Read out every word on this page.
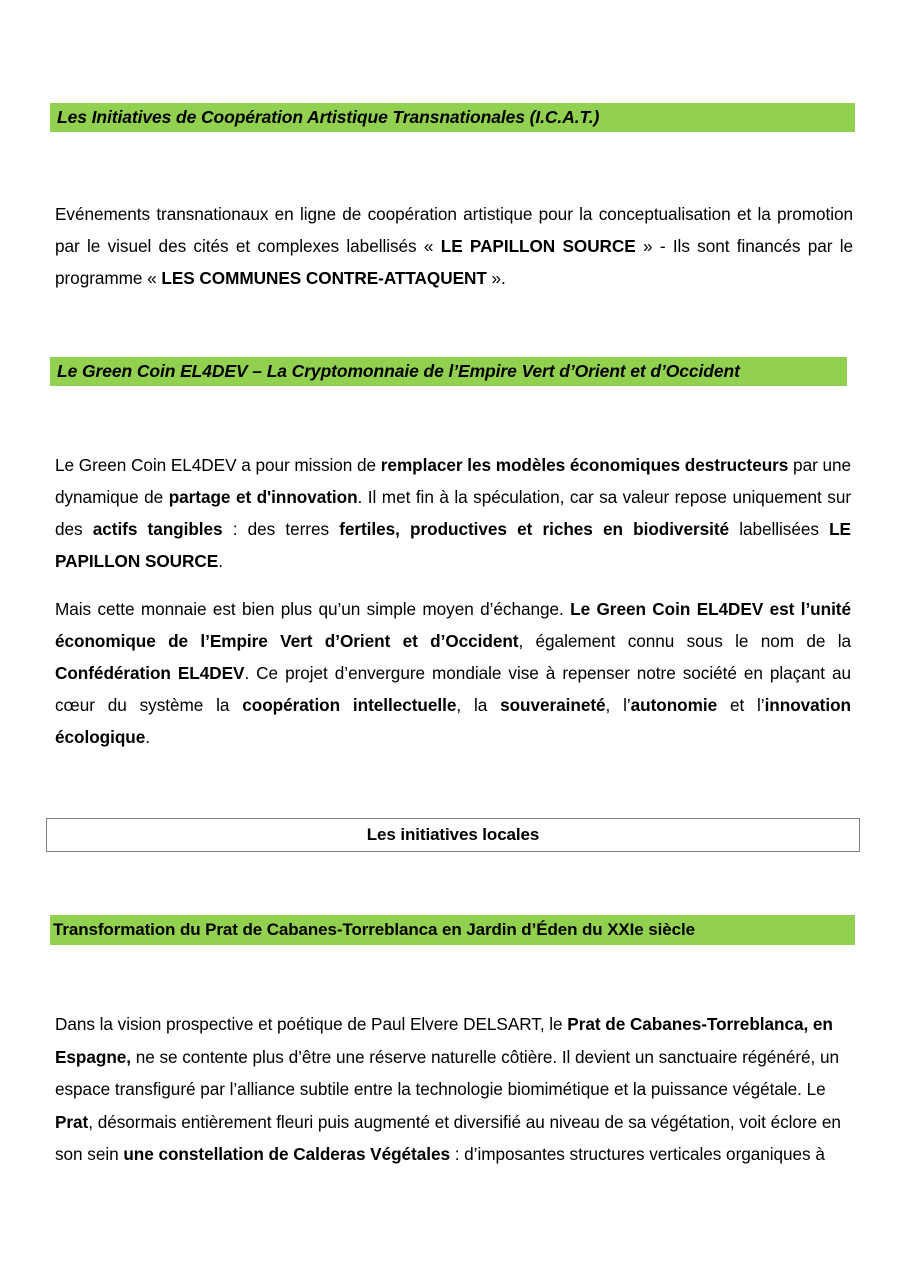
Les Initiatives de Coopération Artistique Transnationales (I.C.A.T.)
Evénements transnationaux en ligne de coopération artistique pour la conceptualisation et la promotion par le visuel des cités et complexes labellisés « LE PAPILLON SOURCE » - Ils sont financés par le programme « LES COMMUNES CONTRE-ATTAQUENT ».
Le Green Coin EL4DEV – La Cryptomonnaie de l’Empire Vert d’Orient et d’Occident
Le Green Coin EL4DEV a pour mission de remplacer les modèles économiques destructeurs par une dynamique de partage et d'innovation. Il met fin à la spéculation, car sa valeur repose uniquement sur des actifs tangibles : des terres fertiles, productives et riches en biodiversité labellisées LE PAPILLON SOURCE.
Mais cette monnaie est bien plus qu’un simple moyen d’échange. Le Green Coin EL4DEV est l’unité économique de l’Empire Vert d’Orient et d’Occident, également connu sous le nom de la Confédération EL4DEV. Ce projet d’envergure mondiale vise à repenser notre société en plaçant au cœur du système la coopération intellectuelle, la souveraineté, l’autonomie et l’innovation écologique.
Les initiatives locales
Transformation du Prat de Cabanes-Torreblanca en Jardin d’Éden du XXIe siècle
Dans la vision prospective et poétique de Paul Elvere DELSART, le Prat de Cabanes-Torreblanca, en Espagne, ne se contente plus d’être une réserve naturelle côtière. Il devient un sanctuaire régénéré, un espace transfiguré par l’alliance subtile entre la technologie biomimétique et la puissance végétale. Le Prat, désormais entièrement fleuri puis augmenté et diversifié au niveau de sa végétation, voit éclore en son sein une constellation de Calderas Végétales : d’imposantes structures verticales organiques à
